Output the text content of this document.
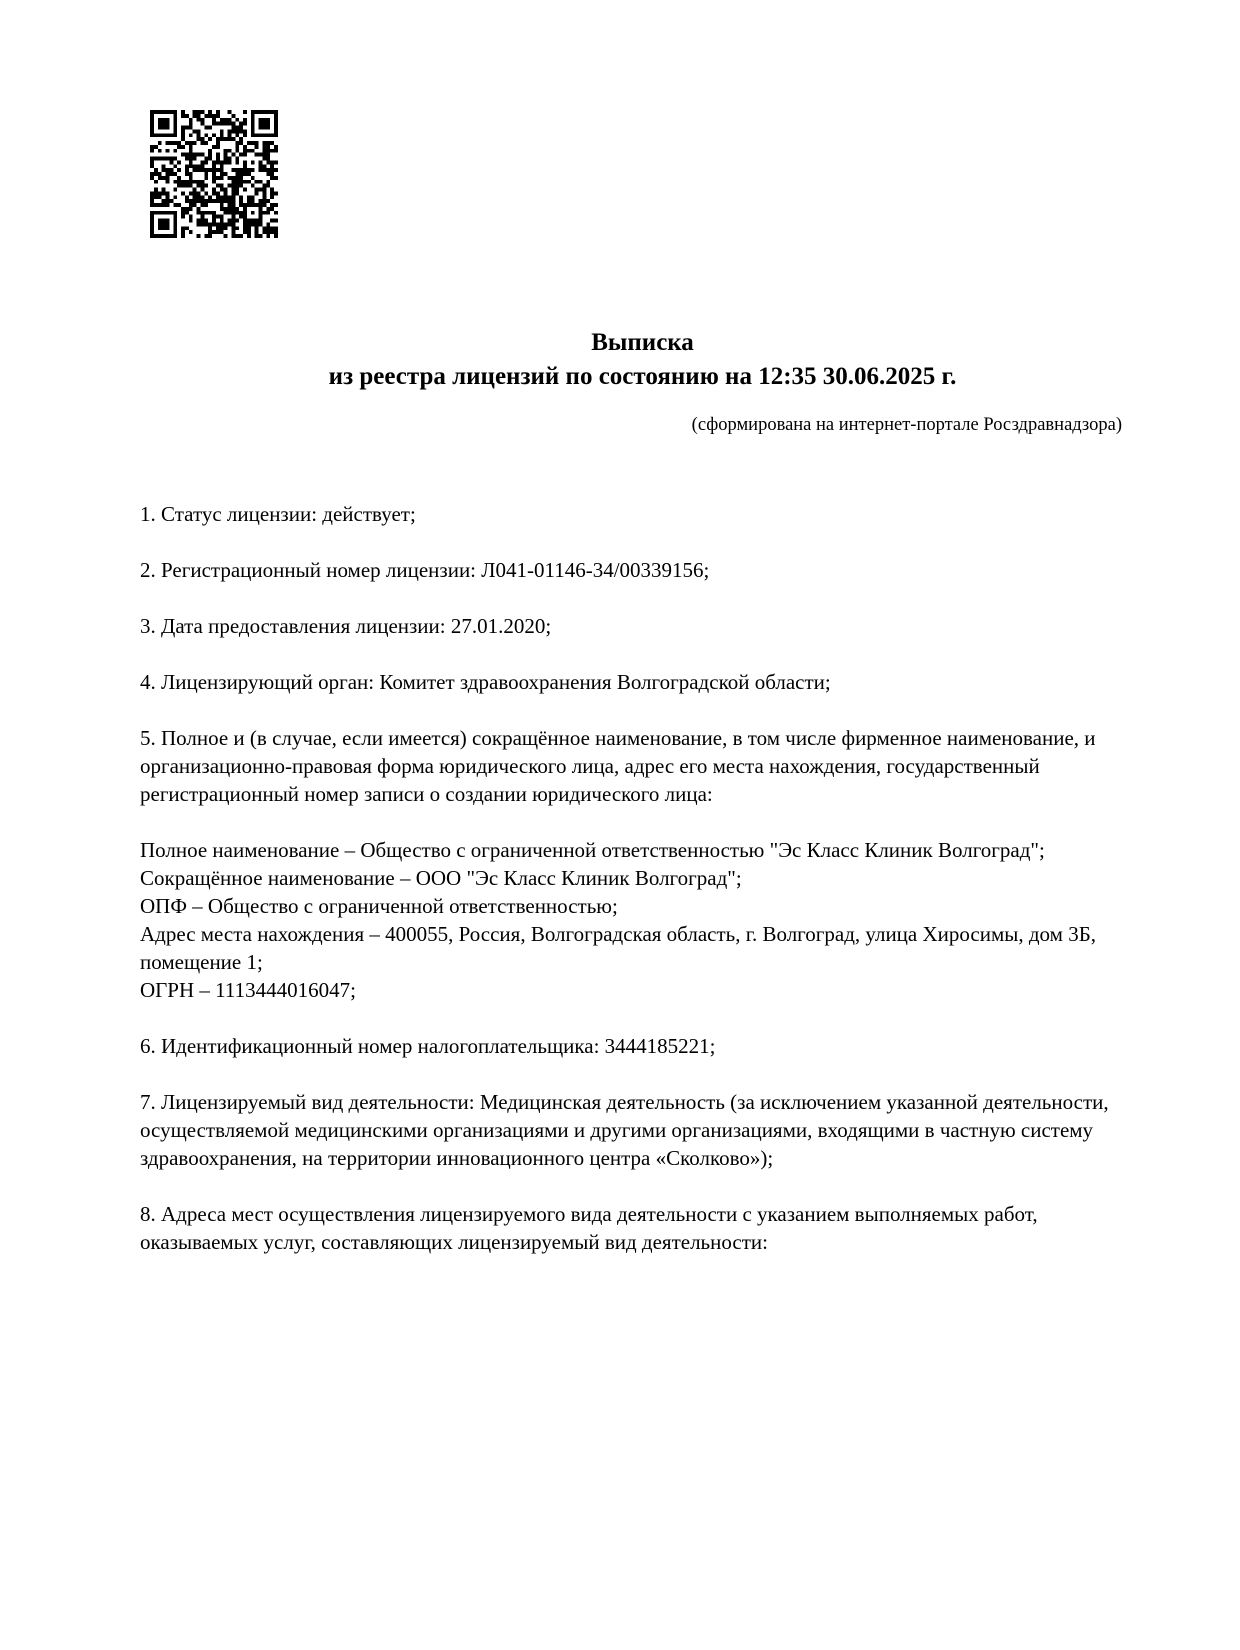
Выписка
из реестра лицензий по состоянию на 12:35 30.06.2025 г.
(сформирована на интернет-портале Росздравнадзора)

1. Статус лицензии: действует;

2. Регистрационный номер лицензии: Л041-01146-34/00339156;

3. Дата предоставления лицензии: 27.01.2020;

4. Лицензирующий орган: Комитет здравоохранения Волгоградской области;

5. Полное и (в случае, если имеется) сокращённое наименование, в том числе фирменное наименование, и организационно-правовая форма юридического лица, адрес его места нахождения, государственный регистрационный номер записи о создании юридического лица:

Полное наименование – Общество с ограниченной ответственностью "Эс Класс Клиник Волгоград";
Сокращённое наименование – ООО "Эс Класс Клиник Волгоград";
ОПФ – Общество с ограниченной ответственностью;
Адрес места нахождения – 400055, Россия, Волгоградская область, г. Волгоград, улица Хиросимы, дом 3Б, помещение 1;
ОГРН – 1113444016047;

6. Идентификационный номер налогоплательщика: 3444185221;

7. Лицензируемый вид деятельности: Медицинская деятельность (за исключением указанной деятельности, осуществляемой медицинскими организациями и другими организациями, входящими в частную систему здравоохранения, на территории инновационного центра «Сколково»);

8. Адреса мест осуществления лицензируемого вида деятельности с указанием выполняемых работ, оказываемых услуг, составляющих лицензируемый вид деятельности:
